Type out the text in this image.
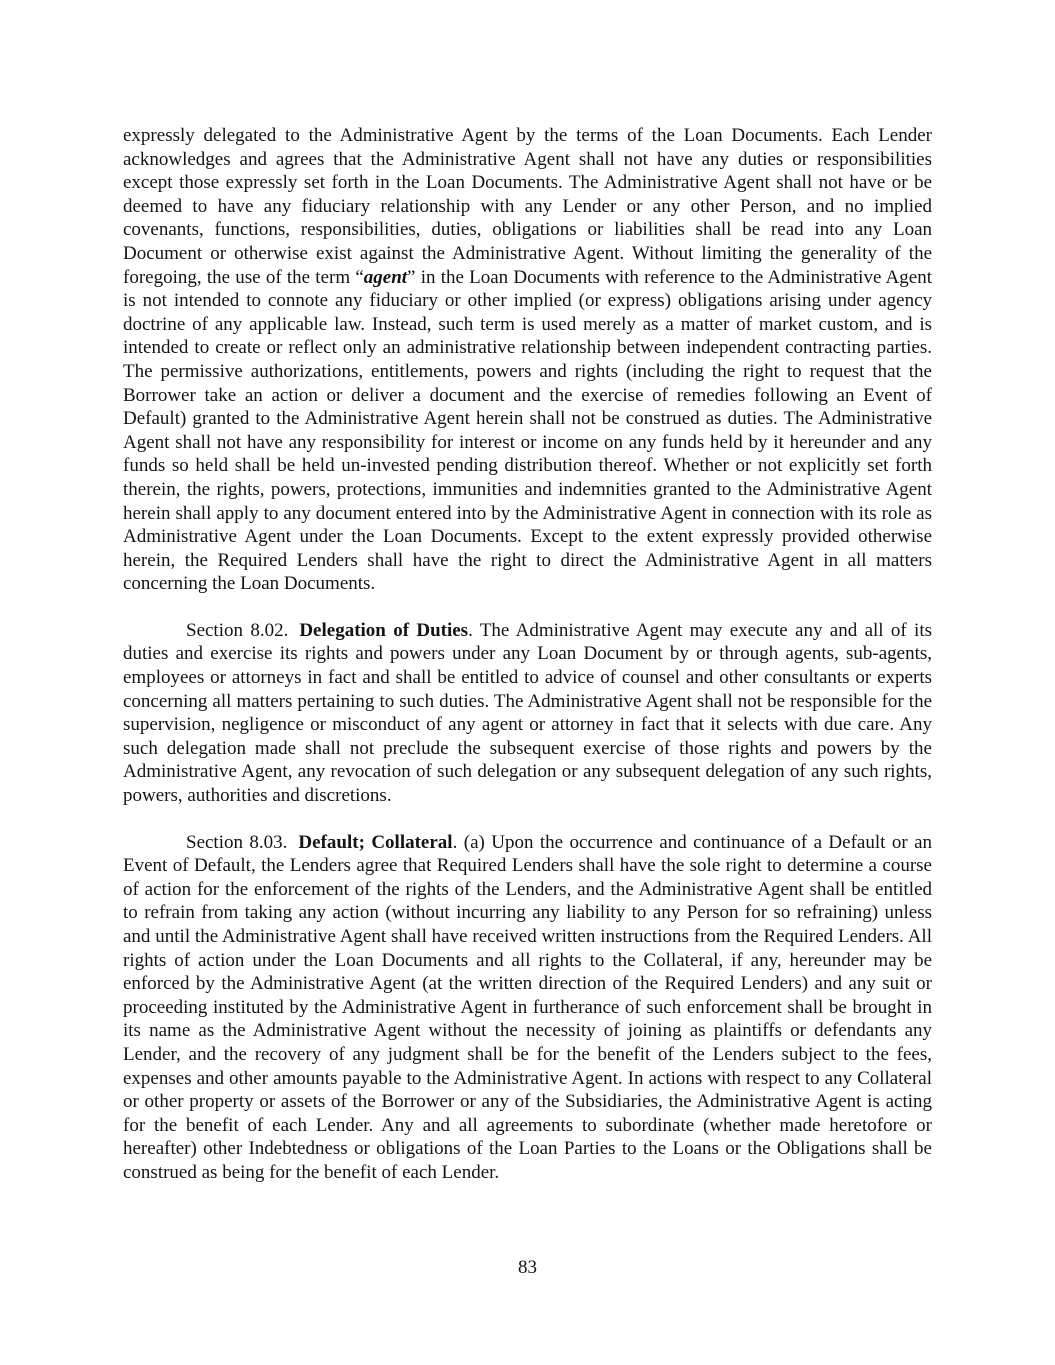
expressly delegated to the Administrative Agent by the terms of the Loan Documents. Each Lender acknowledges and agrees that the Administrative Agent shall not have any duties or responsibilities except those expressly set forth in the Loan Documents. The Administrative Agent shall not have or be deemed to have any fiduciary relationship with any Lender or any other Person, and no implied covenants, functions, responsibilities, duties, obligations or liabilities shall be read into any Loan Document or otherwise exist against the Administrative Agent. Without limiting the generality of the foregoing, the use of the term “agent” in the Loan Documents with reference to the Administrative Agent is not intended to connote any fiduciary or other implied (or express) obligations arising under agency doctrine of any applicable law. Instead, such term is used merely as a matter of market custom, and is intended to create or reflect only an administrative relationship between independent contracting parties. The permissive authorizations, entitlements, powers and rights (including the right to request that the Borrower take an action or deliver a document and the exercise of remedies following an Event of Default) granted to the Administrative Agent herein shall not be construed as duties. The Administrative Agent shall not have any responsibility for interest or income on any funds held by it hereunder and any funds so held shall be held un-invested pending distribution thereof. Whether or not explicitly set forth therein, the rights, powers, protections, immunities and indemnities granted to the Administrative Agent herein shall apply to any document entered into by the Administrative Agent in connection with its role as Administrative Agent under the Loan Documents. Except to the extent expressly provided otherwise herein, the Required Lenders shall have the right to direct the Administrative Agent in all matters concerning the Loan Documents.

Section 8.02. Delegation of Duties. The Administrative Agent may execute any and all of its duties and exercise its rights and powers under any Loan Document by or through agents, sub-agents, employees or attorneys in fact and shall be entitled to advice of counsel and other consultants or experts concerning all matters pertaining to such duties. The Administrative Agent shall not be responsible for the supervision, negligence or misconduct of any agent or attorney in fact that it selects with due care. Any such delegation made shall not preclude the subsequent exercise of those rights and powers by the Administrative Agent, any revocation of such delegation or any subsequent delegation of any such rights, powers, authorities and discretions.

Section 8.03. Default; Collateral. (a) Upon the occurrence and continuance of a Default or an Event of Default, the Lenders agree that Required Lenders shall have the sole right to determine a course of action for the enforcement of the rights of the Lenders, and the Administrative Agent shall be entitled to refrain from taking any action (without incurring any liability to any Person for so refraining) unless and until the Administrative Agent shall have received written instructions from the Required Lenders. All rights of action under the Loan Documents and all rights to the Collateral, if any, hereunder may be enforced by the Administrative Agent (at the written direction of the Required Lenders) and any suit or proceeding instituted by the Administrative Agent in furtherance of such enforcement shall be brought in its name as the Administrative Agent without the necessity of joining as plaintiffs or defendants any Lender, and the recovery of any judgment shall be for the benefit of the Lenders subject to the fees, expenses and other amounts payable to the Administrative Agent. In actions with respect to any Collateral or other property or assets of the Borrower or any of the Subsidiaries, the Administrative Agent is acting for the benefit of each Lender. Any and all agreements to subordinate (whether made heretofore or hereafter) other Indebtedness or obligations of the Loan Parties to the Loans or the Obligations shall be construed as being for the benefit of each Lender.

83
